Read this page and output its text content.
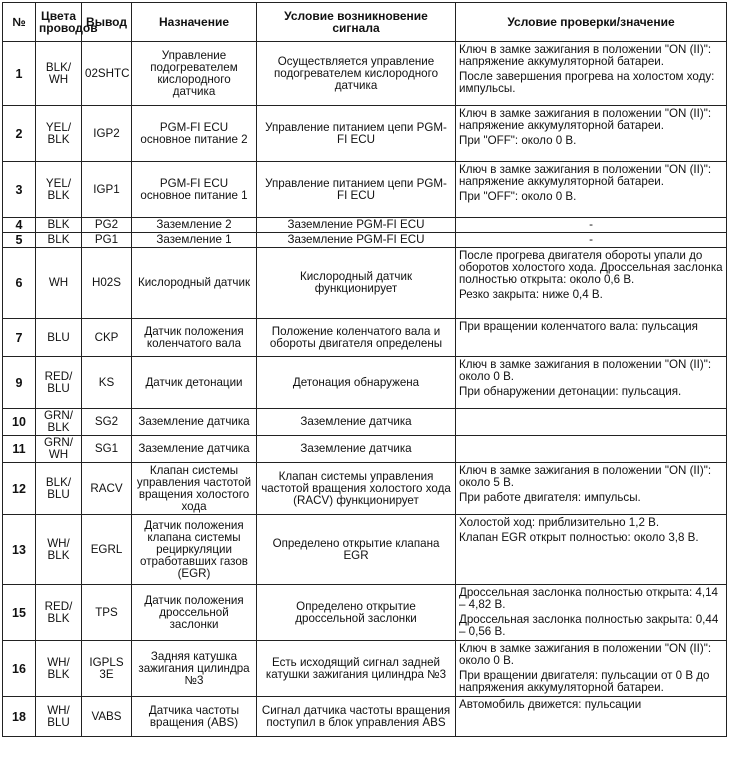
№	Цвета проводов	Вывод	Назначение	Условие возникновение сигнала	Условие проверки/значение
1	BLK/ WH	02SHTC	Управление подогревателем кислородного датчика	Осуществляется управление подогревателем кислородного датчика	Ключ в замке зажигания в положении "ON (II)": напряжение аккумуляторной батареи.
После завершения прогрева на холостом ходу: импульсы.

2	YEL/ BLK	IGP2	PGM-FI ECU основное питание 2	Управление питанием цепи PGM-FI ECU	Ключ в замке зажигания в положении "ON (II)": напряжение аккумуляторной батареи.
При "OFF": около 0 В.

3	YEL/ BLK	IGP1	PGM-FI ECU основное питание 1	Управление питанием цепи PGM-FI ECU	Ключ в замке зажигания в положении "ON (II)": напряжение аккумуляторной батареи.
При "OFF": около 0 В.

4	BLK	PG2	Заземление 2	Заземление PGM-FI ECU	-

5	BLK	PG1	Заземление 1	Заземление PGM-FI ECU	-

6	WH	H02S	Кислородный датчик	Кислородный датчик функционирует	После прогрева двигателя обороты упали до оборотов холостого хода. Дроссельная заслонка полностью открыта: около 0,6 В.
Резко закрыта: ниже 0,4 В.

7	BLU	CKP	Датчик положения коленчатого вала	Положение коленчатого вала и обороты двигателя определены	При вращении коленчатого вала: пульсация

9	RED/ BLU	KS	Датчик детонации	Детонация обнаружена	Ключ в замке зажигания в положении "ON (II)": около 0 В.
При обнаружении детонации: пульсация.

10	GRN/ BLK	SG2	Заземление датчика	Заземление датчика	

11	GRN/ WH	SG1	Заземление датчика	Заземление датчика	

12	BLK/ BLU	RACV	Клапан системы управления частотой вращения холостого хода	Клапан системы управления частотой вращения холостого хода (RACV) функционирует	Ключ в замке зажигания в положении "ON (II)": около 5 В.
При работе двигателя: импульсы.

13	WH/ BLK	EGRL	Датчик положения клапана системы рециркуляции отработавших газов (EGR)	Определено открытие клапана EGR	Холостой ход: приблизительно 1,2 В.
Клапан EGR открыт полностью: около 3,8 В.

15	RED/ BLK	TPS	Датчик положения дроссельной заслонки	Определено открытие дроссельной заслонки	Дроссельная заслонка полностью открыта: 4,14 – 4,82 В.
Дроссельная заслонка полностью закрыта: 0,44 – 0,56 В.

16	WH/ BLK	IGPLS 3E	Задняя катушка зажигания цилиндра №3	Есть исходящий сигнал задней катушки зажигания цилиндра №3	Ключ в замке зажигания в положении "ON (II)": около 0 В.
При вращении двигателя: пульсации от 0 В до напряжения аккумуляторной батареи.

18	WH/ BLU	VABS	Датчика частоты вращения (ABS)	Сигнал датчика частоты вращения поступил в блок управления ABS	Автомобиль движется: пульсации
